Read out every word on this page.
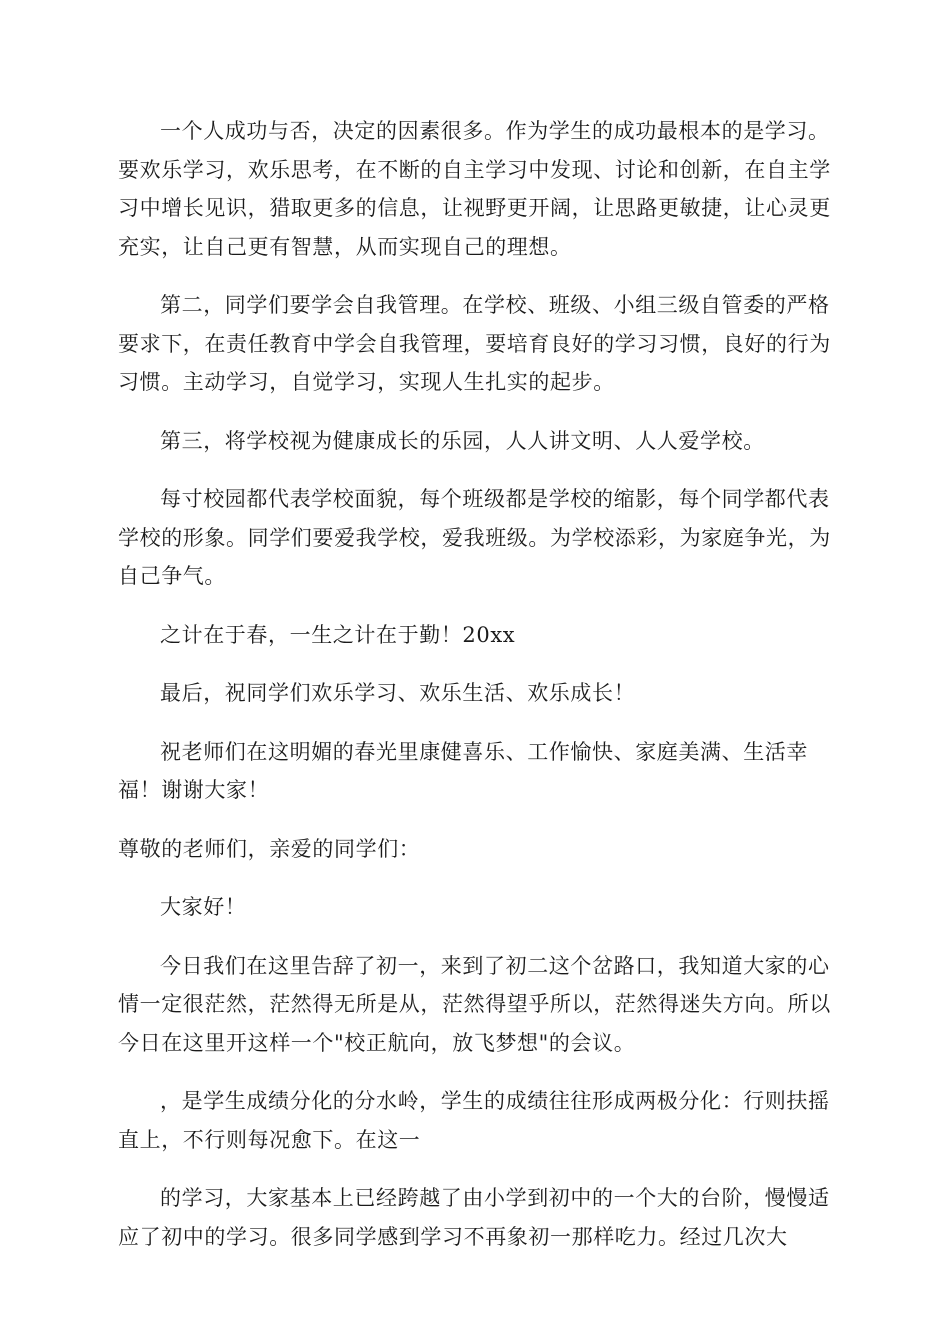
一个人成功与否，决定的因素很多。作为学生的成功最根本的是学习。要欢乐学习，欢乐思考，在不断的自主学习中发现、讨论和创新，在自主学习中增长见识，猎取更多的信息，让视野更开阔，让思路更敏捷，让心灵更充实，让自己更有智慧，从而实现自己的理想。

第二，同学们要学会自我管理。在学校、班级、小组三级自管委的严格要求下，在责任教育中学会自我管理，要培育良好的学习习惯，良好的行为习惯。主动学习，自觉学习，实现人生扎实的起步。

第三，将学校视为健康成长的乐园，人人讲文明、人人爱学校。

每寸校园都代表学校面貌，每个班级都是学校的缩影，每个同学都代表学校的形象。同学们要爱我学校，爱我班级。为学校添彩，为家庭争光，为自己争气。

之计在于春，一生之计在于勤！20xx

最后，祝同学们欢乐学习、欢乐生活、欢乐成长！

祝老师们在这明媚的春光里康健喜乐、工作愉快、家庭美满、生活幸福！谢谢大家！

尊敬的老师们，亲爱的同学们：

大家好！

今日我们在这里告辞了初一，来到了初二这个岔路口，我知道大家的心情一定很茫然，茫然得无所是从，茫然得望乎所以，茫然得迷失方向。所以今日在这里开这样一个"校正航向，放飞梦想"的会议。

，是学生成绩分化的分水岭，学生的成绩往往形成两极分化：行则扶摇直上，不行则每况愈下。在这一

的学习，大家基本上已经跨越了由小学到初中的一个大的台阶，慢慢适应了初中的学习。很多同学感到学习不再象初一那样吃力。经过几次大
